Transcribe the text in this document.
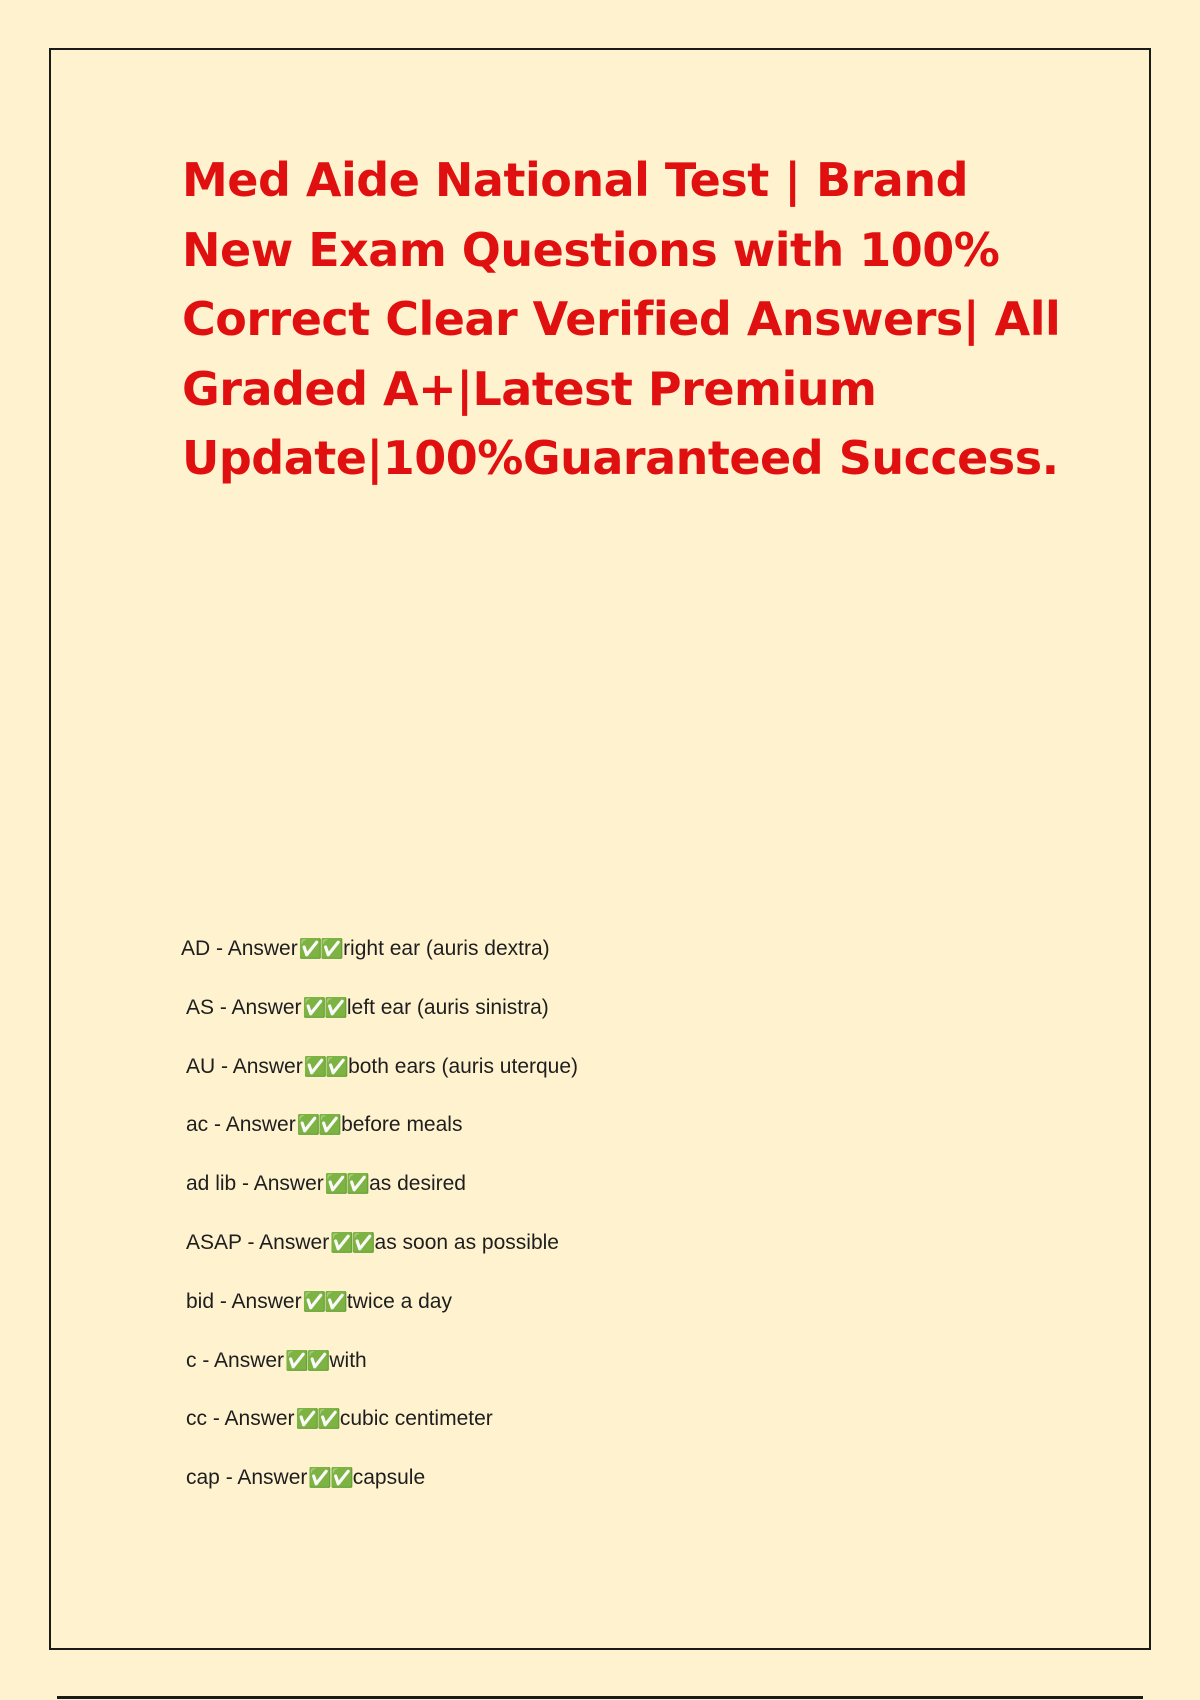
Med Aide National Test | Brand
New Exam Questions with 100%
Correct Clear Verified Answers| All
Graded A+|Latest Premium
Update|100%Guaranteed Success.
AD - Answer✅✅right ear (auris dextra)
AS - Answer✅✅left ear (auris sinistra)
AU - Answer✅✅both ears (auris uterque)
ac - Answer✅✅before meals
ad lib - Answer✅✅as desired
ASAP - Answer✅✅as soon as possible
bid - Answer✅✅twice a day
c - Answer✅✅with
cc - Answer✅✅cubic centimeter
cap - Answer✅✅capsule
